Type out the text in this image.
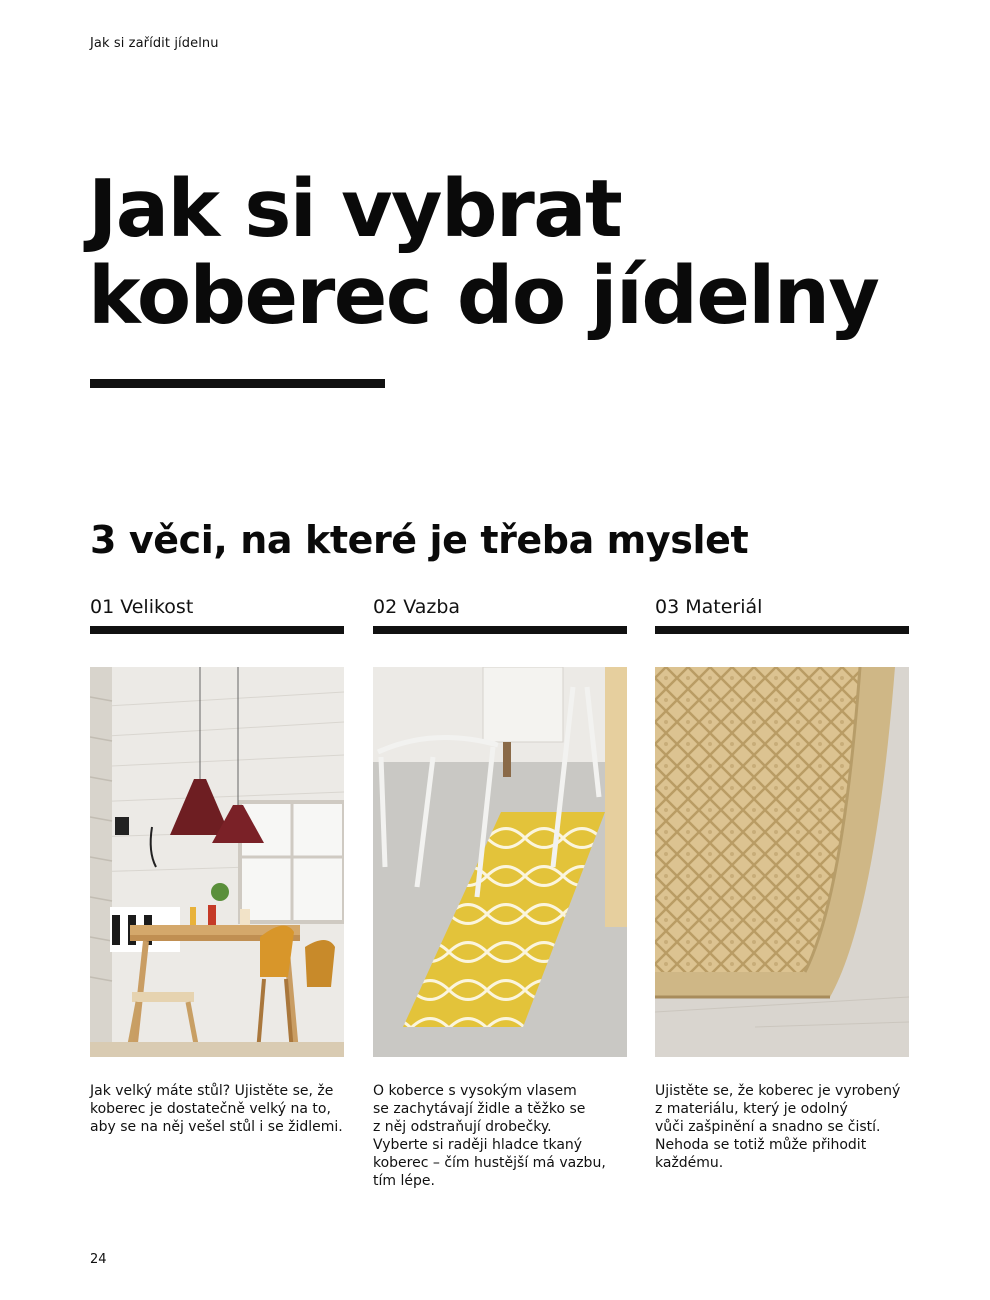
Jak si zařídit jídelnu
Jak si vybrat
koberec do jídelny
3 věci, na které je třeba myslet
01 Velikost
Jak velký máte stůl? Ujistěte se, že
koberec je dostatečně velký na to,
aby se na něj vešel stůl i se židlemi.
02 Vazba
O koberce s vysokým vlasem
se zachytávají židle a těžko se
z něj odstraňují drobečky.
Vyberte si raději hladce tkaný
koberec – čím hustější má vazbu,
tím lépe.
03 Materiál
Ujistěte se, že koberec je vyrobený
z materiálu, který je odolný
vůči zašpinění a snadno se čistí.
Nehoda se totiž může přihodit
každému.
24
